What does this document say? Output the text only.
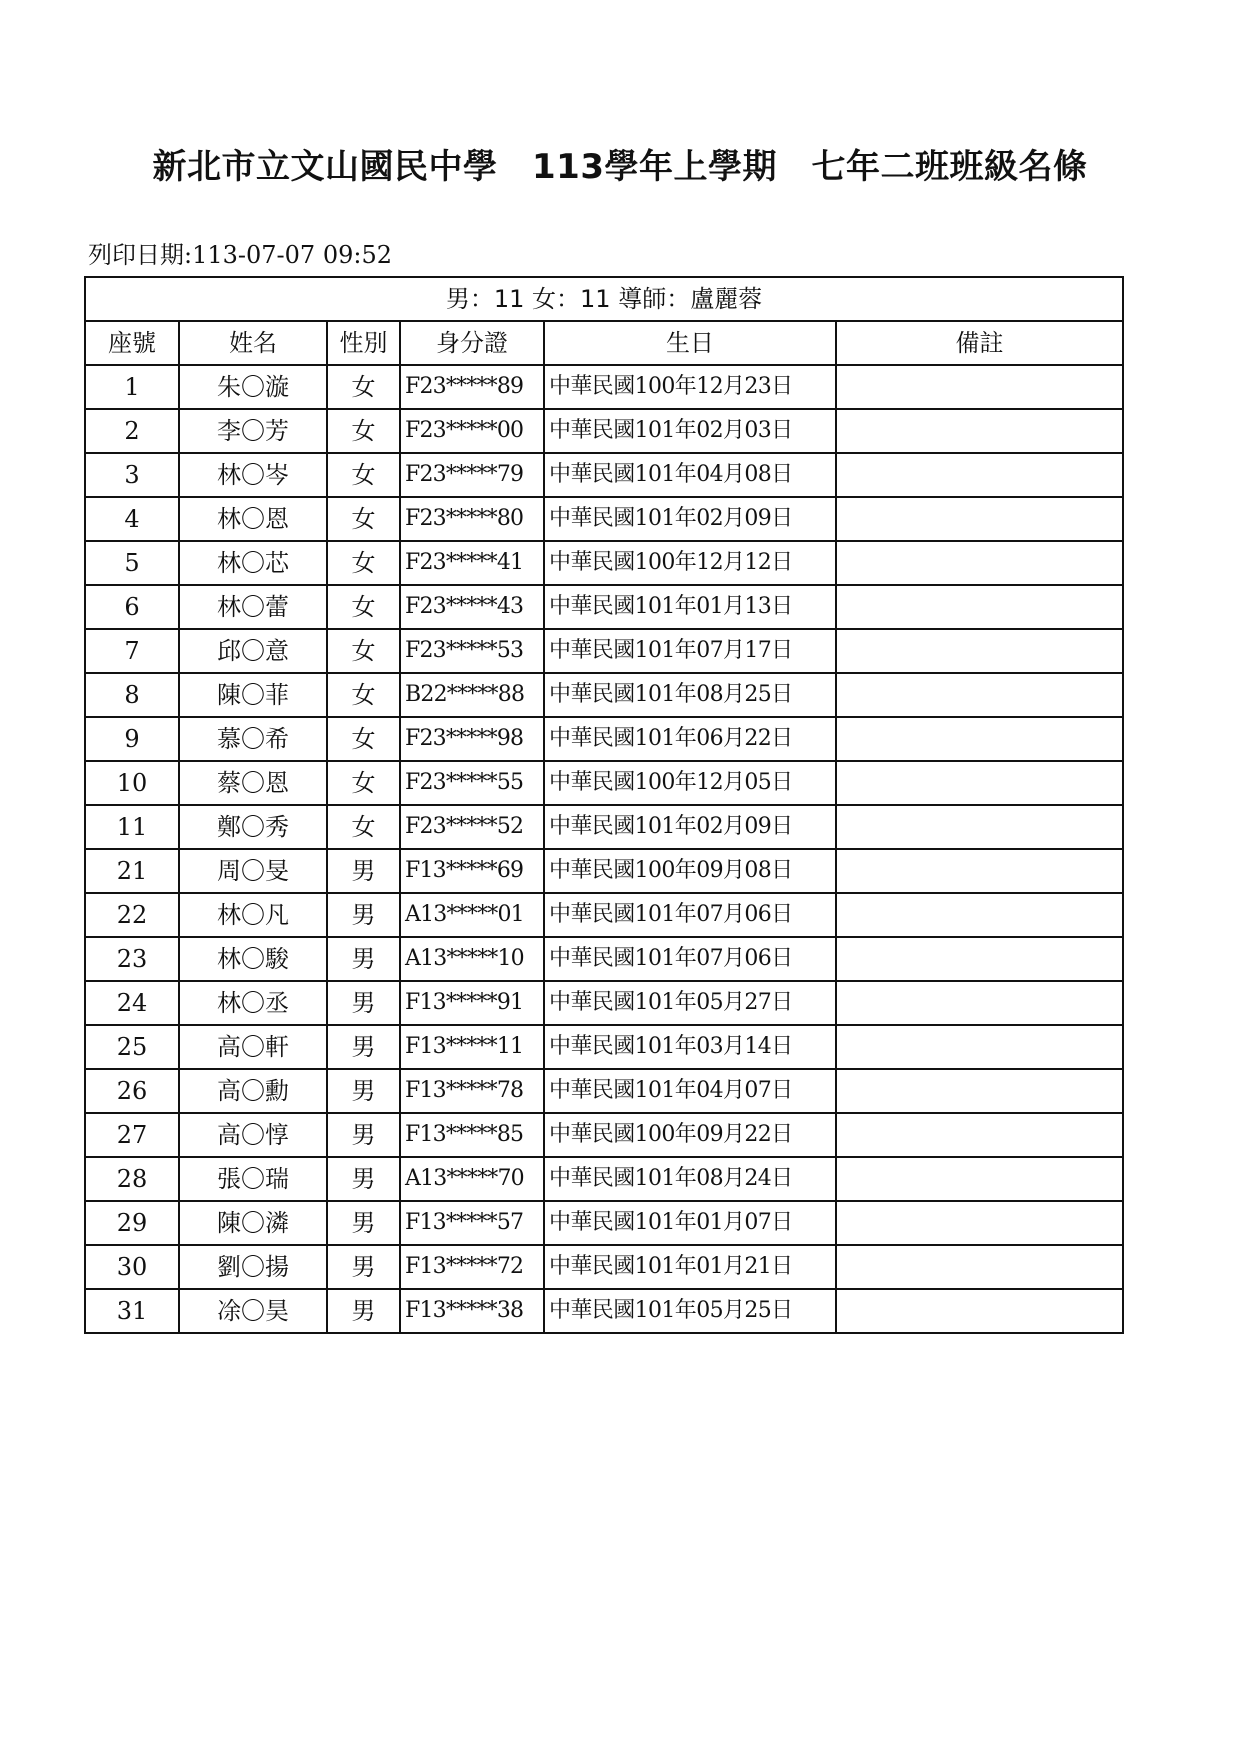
新北市立文山國民中學　113學年上學期　七年二班班級名條
列印日期:113-07-07 09:52
男：11 女：11 導師：盧麗蓉					
座號	姓名	性別	身分證	生日	備註
1	朱〇漩	女	F23*****89	中華民國100年12月23日	
2	李〇芳	女	F23*****00	中華民國101年02月03日	
3	林〇岑	女	F23*****79	中華民國101年04月08日	
4	林〇恩	女	F23*****80	中華民國101年02月09日	
5	林〇芯	女	F23*****41	中華民國100年12月12日	
6	林〇蕾	女	F23*****43	中華民國101年01月13日	
7	邱〇意	女	F23*****53	中華民國101年07月17日	
8	陳〇菲	女	B22*****88	中華民國101年08月25日	
9	慕〇希	女	F23*****98	中華民國101年06月22日	
10	蔡〇恩	女	F23*****55	中華民國100年12月05日	
11	鄭〇秀	女	F23*****52	中華民國101年02月09日	
21	周〇旻	男	F13*****69	中華民國100年09月08日	
22	林〇凡	男	A13*****01	中華民國101年07月06日	
23	林〇駿	男	A13*****10	中華民國101年07月06日	
24	林〇丞	男	F13*****91	中華民國101年05月27日	
25	高〇軒	男	F13*****11	中華民國101年03月14日	
26	高〇勳	男	F13*****78	中華民國101年04月07日	
27	高〇惇	男	F13*****85	中華民國100年09月22日	
28	張〇瑞	男	A13*****70	中華民國101年08月24日	
29	陳〇潾	男	F13*****57	中華民國101年01月07日	
30	劉〇揚	男	F13*****72	中華民國101年01月21日	
31	凃〇昊	男	F13*****38	中華民國101年05月25日	
